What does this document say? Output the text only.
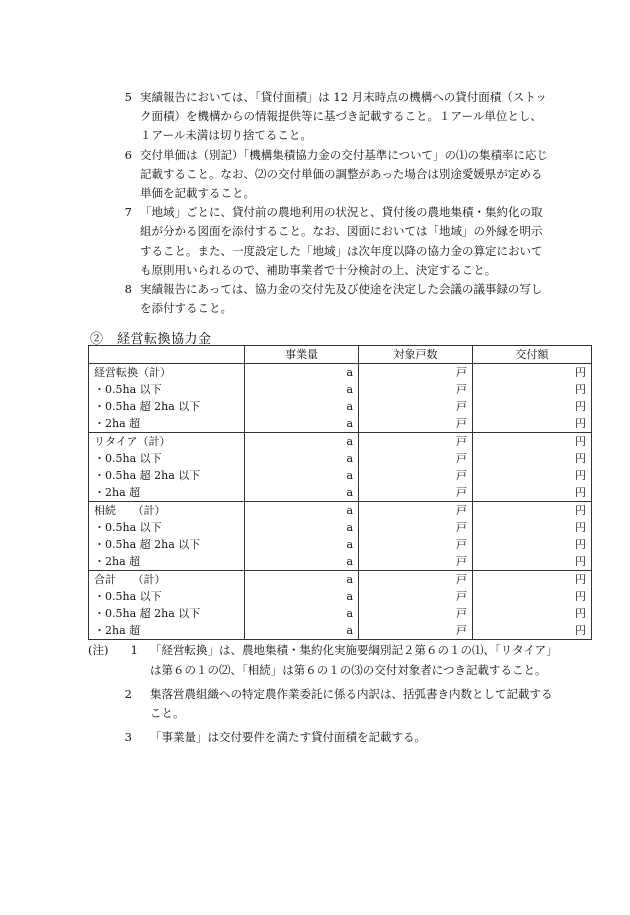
5 実績報告においては、「貸付面積」は 12 月末時点の機構への貸付面積（ストック面積）を機構からの情報提供等に基づき記載すること。１アール単位とし、１アール未満は切り捨てること。

6 交付単価は（別記）「機構集積協力金の交付基準について」の⑴の集積率に応じ記載すること。なお、⑵の交付単価の調整があった場合は別途愛媛県が定める単価を記載すること。

7 「地域」ごとに、貸付前の農地利用の状況と、貸付後の農地集積・集約化の取組が分かる図面を添付すること。なお、図面においては「地域」の外縁を明示すること。また、一度設定した「地域」は次年度以降の協力金の算定においても原則用いられるので、補助事業者で十分検討の上、決定すること。

8 実績報告にあっては、協力金の交付先及び使途を決定した会議の議事録の写しを添付すること。

②　経営転換協力金
	事業量	対象戸数	交付額
経営転換（計）	a	戸	円
・0.5ha 以下	a	戸	円
・0.5ha 超 2ha 以下	a	戸	円
・2ha 超	a	戸	円
リタイア（計）	a	戸	円
・0.5ha 以下	a	戸	円
・0.5ha 超 2ha 以下	a	戸	円
・2ha 超	a	戸	円
相続　　（計）	a	戸	円
・0.5ha 以下	a	戸	円
・0.5ha 超 2ha 以下	a	戸	円
・2ha 超	a	戸	円
合計　　（計）	a	戸	円
・0.5ha 以下	a	戸	円
・0.5ha 超 2ha 以下	a	戸	円
・2ha 超	a	戸	円

(注)	1 「経営転換」は、農地集積・集約化実施要綱別記２第６の１の⑴、「リタイア」は第６の１の⑵、「相続」は第６の１の⑶の交付対象者につき記載すること。

2 集落営農組織への特定農作業委託に係る内訳は、括弧書き内数として記載すること。

3 「事業量」は交付要件を満たす貸付面積を記載する。
